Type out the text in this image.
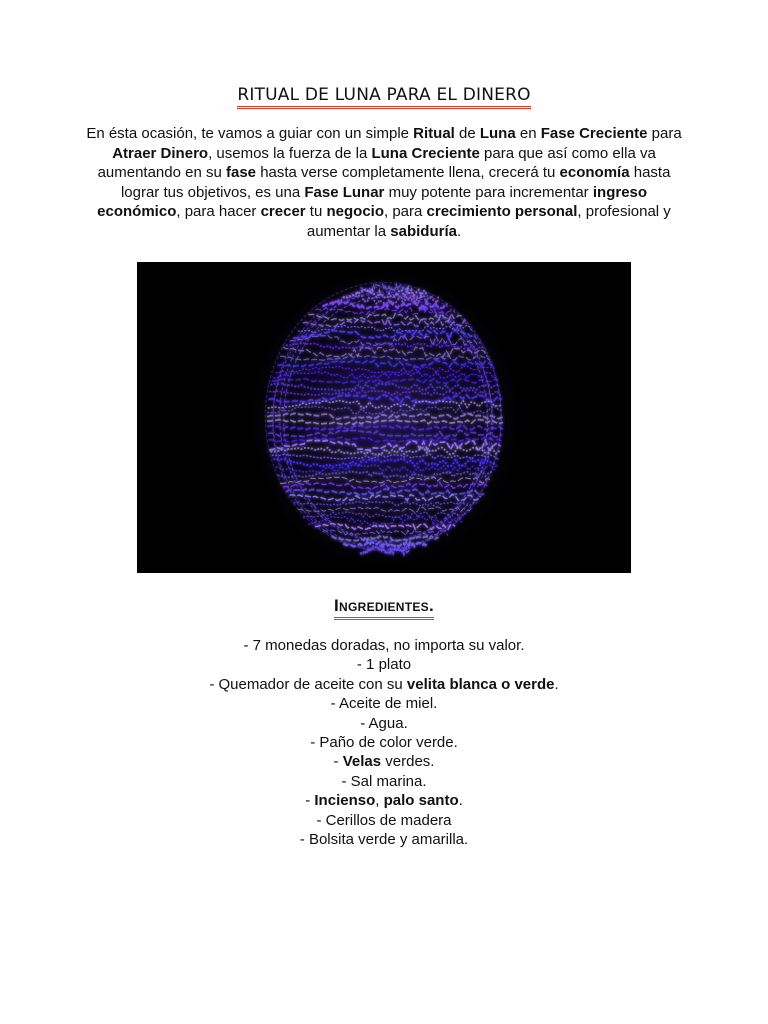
RITUAL DE LUNA PARA EL DINERO

En ésta ocasión, te vamos a guiar con un simple Ritual de Luna en Fase Creciente para Atraer Dinero, usemos la fuerza de la Luna Creciente para que así como ella va aumentando en su fase hasta verse completamente llena, crecerá tu economía hasta lograr tus objetivos, es una Fase Lunar muy potente para incrementar ingreso económico, para hacer crecer tu negocio, para crecimiento personal, profesional y aumentar la sabiduría.

Ingredientes.
- 7 monedas doradas, no importa su valor.
- 1 plato
- Quemador de aceite con su velita blanca o verde.
- Aceite de miel.
- Agua.
- Paño de color verde.
- Velas verdes.
- Sal marina.
- Incienso, palo santo.
- Cerillos de madera
- Bolsita verde y amarilla.
